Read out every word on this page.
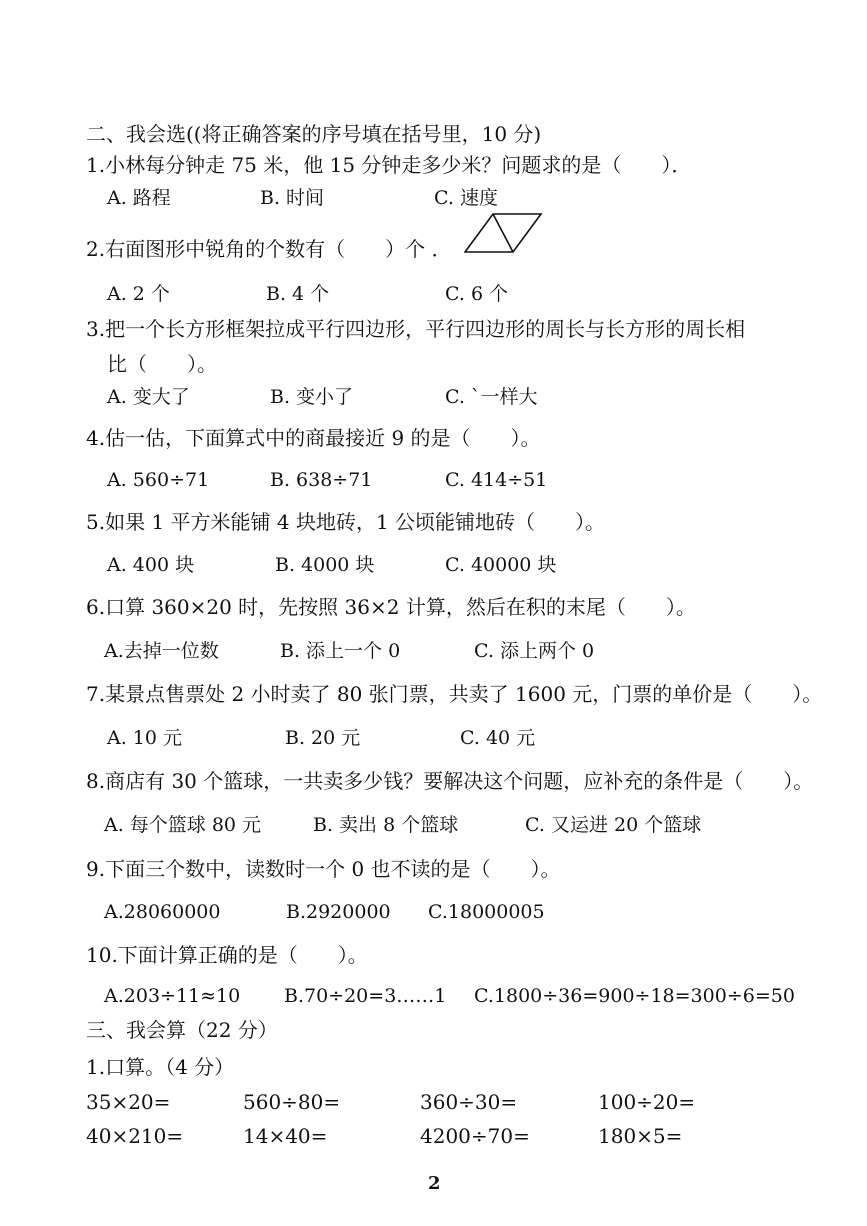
二、我会选((将正确答案的序号填在括号里，10 分)
1.小林每分钟走 75 米，他 15 分钟走多少米？问题求的是（　　）．
A. 路程	B. 时间	C. 速度
2.右面图形中锐角的个数有（　　）个 ．
A. 2 个	B. 4 个	C. 6 个
3.把一个长方形框架拉成平行四边形，平行四边形的周长与长方形的周长相
比（　　）。
A. 变大了	B. 变小了	C. ˋ一样大
4.估一估，下面算式中的商最接近 9 的是（　　）。
A. 560÷71	B. 638÷71	C. 414÷51
5.如果 1 平方米能铺 4 块地砖，1 公顷能铺地砖（　　）。
A. 400 块	B. 4000 块	C. 40000 块
6.口算 360×20 时，先按照 36×2 计算，然后在积的末尾（　　）。
A.去掉一位数	B. 添上一个 0	C. 添上两个 0
7.某景点售票处 2 小时卖了 80 张门票，共卖了 1600 元，门票的单价是（　　）。
A. 10 元	B. 20 元	C. 40 元
8.商店有 30 个篮球，一共卖多少钱？要解决这个问题，应补充的条件是（　　）。
A. 每个篮球 80 元	B. 卖出 8 个篮球	C. 又运进 20 个篮球
9.下面三个数中，读数时一个 0 也不读的是（　　）。
A.28060000	B.2920000 C.18000005
10.下面计算正确的是（　　）。
A.203÷11≈10 B.70÷20=3……1 C.1800÷36=900÷18=300÷6=50
三、我会算（22 分）
1.口算。（4 分）
35×20=	560÷80=	360÷30=	100÷20=
40×210=	14×40=	4200÷70=	180×5=
2
